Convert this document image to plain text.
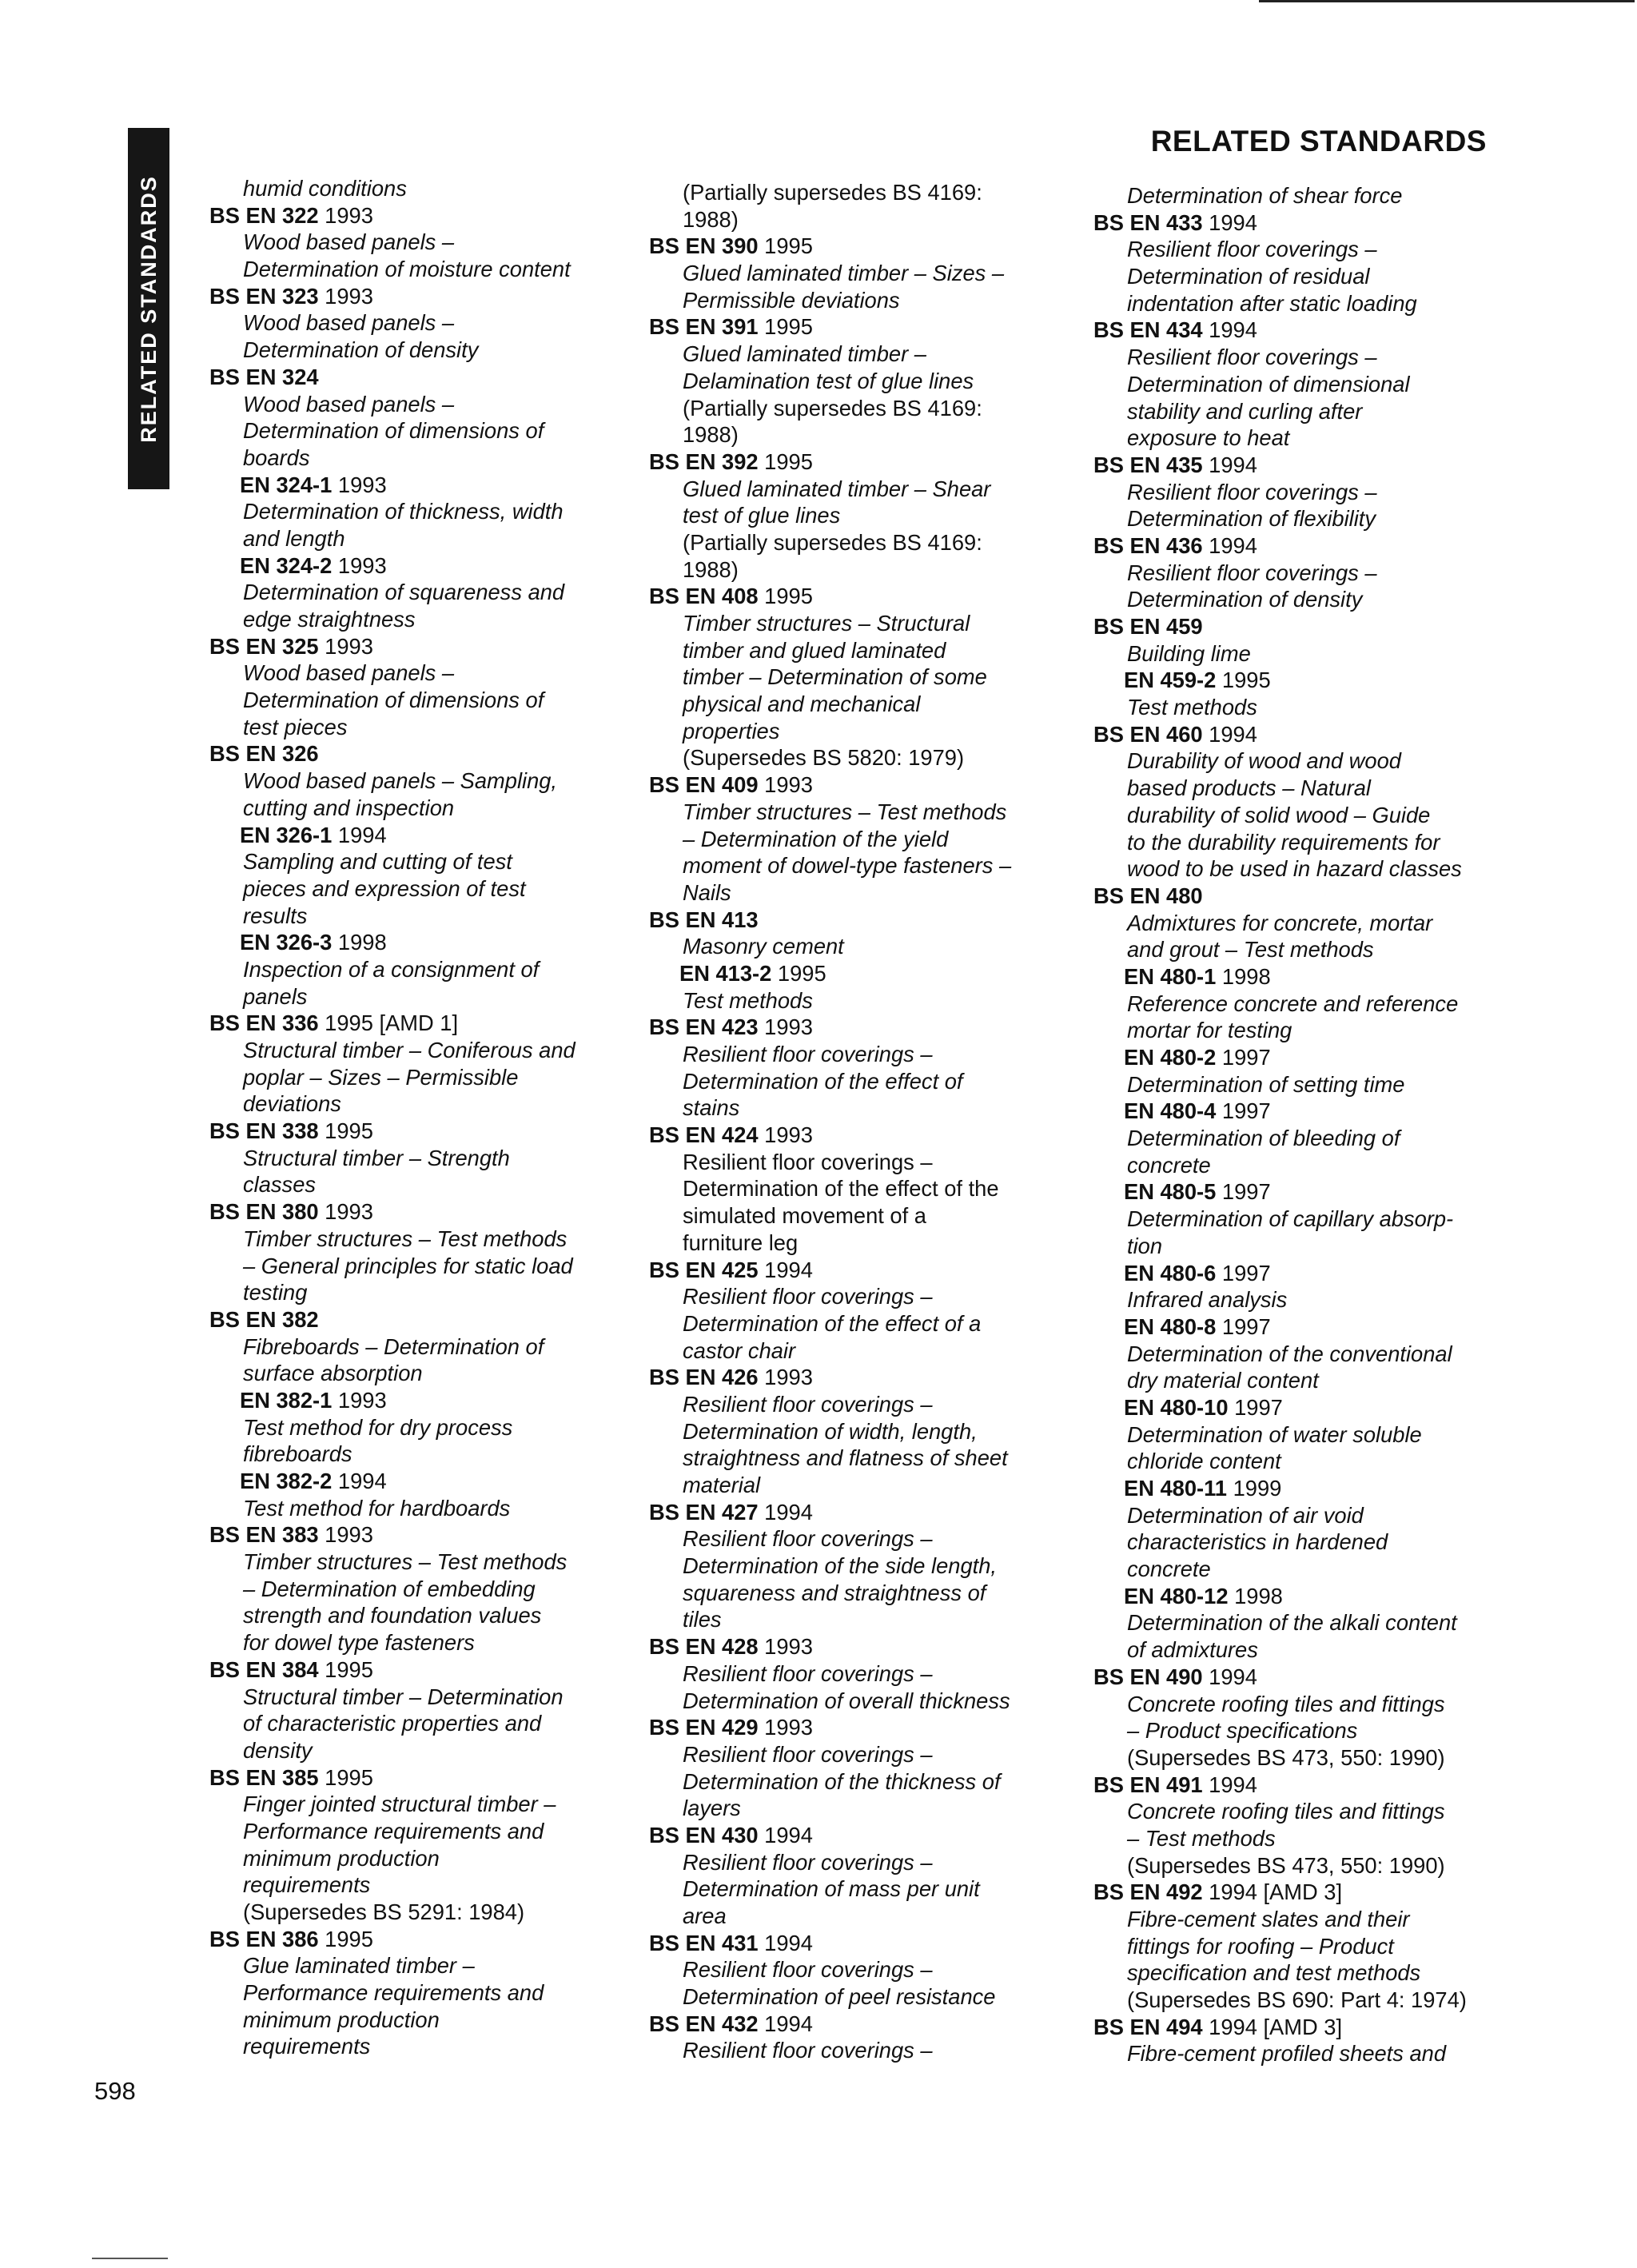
RELATED STANDARDS
RELATED STANDARDS
humid conditions
BS EN 322 1993
Wood based panels –
Determination of moisture content
BS EN 323 1993
Wood based panels –
Determination of density
BS EN 324
Wood based panels –
Determination of dimensions of
boards
EN 324-1 1993
Determination of thickness, width
and length
EN 324-2 1993
Determination of squareness and
edge straightness
BS EN 325 1993
Wood based panels –
Determination of dimensions of
test pieces
BS EN 326
Wood based panels – Sampling,
cutting and inspection
EN 326-1 1994
Sampling and cutting of test
pieces and expression of test
results
EN 326-3 1998
Inspection of a consignment of
panels
BS EN 336 1995 [AMD 1]
Structural timber – Coniferous and
poplar – Sizes – Permissible
deviations
BS EN 338 1995
Structural timber – Strength
classes
BS EN 380 1993
Timber structures – Test methods
– General principles for static load
testing
BS EN 382
Fibreboards – Determination of
surface absorption
EN 382-1 1993
Test method for dry process
fibreboards
EN 382-2 1994
Test method for hardboards
BS EN 383 1993
Timber structures – Test methods
– Determination of embedding
strength and foundation values
for dowel type fasteners
BS EN 384 1995
Structural timber – Determination
of characteristic properties and
density
BS EN 385 1995
Finger jointed structural timber –
Performance requirements and
minimum production
requirements
(Supersedes BS 5291: 1984)
BS EN 386 1995
Glue laminated timber –
Performance requirements and
minimum production
requirements
(Partially supersedes BS 4169:
1988)
BS EN 390 1995
Glued laminated timber – Sizes –
Permissible deviations
BS EN 391 1995
Glued laminated timber –
Delamination test of glue lines
(Partially supersedes BS 4169:
1988)
BS EN 392 1995
Glued laminated timber – Shear
test of glue lines
(Partially supersedes BS 4169:
1988)
BS EN 408 1995
Timber structures – Structural
timber and glued laminated
timber – Determination of some
physical and mechanical
properties
(Supersedes BS 5820: 1979)
BS EN 409 1993
Timber structures – Test methods
– Determination of the yield
moment of dowel-type fasteners –
Nails
BS EN 413
Masonry cement
EN 413-2 1995
Test methods
BS EN 423 1993
Resilient floor coverings –
Determination of the effect of
stains
BS EN 424 1993
Resilient floor coverings –
Determination of the effect of the
simulated movement of a
furniture leg
BS EN 425 1994
Resilient floor coverings –
Determination of the effect of a
castor chair
BS EN 426 1993
Resilient floor coverings –
Determination of width, length,
straightness and flatness of sheet
material
BS EN 427 1994
Resilient floor coverings –
Determination of the side length,
squareness and straightness of
tiles
BS EN 428 1993
Resilient floor coverings –
Determination of overall thickness
BS EN 429 1993
Resilient floor coverings –
Determination of the thickness of
layers
BS EN 430 1994
Resilient floor coverings –
Determination of mass per unit
area
BS EN 431 1994
Resilient floor coverings –
Determination of peel resistance
BS EN 432 1994
Resilient floor coverings –
Determination of shear force
BS EN 433 1994
Resilient floor coverings –
Determination of residual
indentation after static loading
BS EN 434 1994
Resilient floor coverings –
Determination of dimensional
stability and curling after
exposure to heat
BS EN 435 1994
Resilient floor coverings –
Determination of flexibility
BS EN 436 1994
Resilient floor coverings –
Determination of density
BS EN 459
Building lime
EN 459-2 1995
Test methods
BS EN 460 1994
Durability of wood and wood
based products – Natural
durability of solid wood – Guide
to the durability requirements for
wood to be used in hazard classes
BS EN 480
Admixtures for concrete, mortar
and grout – Test methods
EN 480-1 1998
Reference concrete and reference
mortar for testing
EN 480-2 1997
Determination of setting time
EN 480-4 1997
Determination of bleeding of
concrete
EN 480-5 1997
Determination of capillary absorp-
tion
EN 480-6 1997
Infrared analysis
EN 480-8 1997
Determination of the conventional
dry material content
EN 480-10 1997
Determination of water soluble
chloride content
EN 480-11 1999
Determination of air void
characteristics in hardened
concrete
EN 480-12 1998
Determination of the alkali content
of admixtures
BS EN 490 1994
Concrete roofing tiles and fittings
– Product specifications
(Supersedes BS 473, 550: 1990)
BS EN 491 1994
Concrete roofing tiles and fittings
– Test methods
(Supersedes BS 473, 550: 1990)
BS EN 492 1994 [AMD 3]
Fibre-cement slates and their
fittings for roofing – Product
specification and test methods
(Supersedes BS 690: Part 4: 1974)
BS EN 494 1994 [AMD 3]
Fibre-cement profiled sheets and
598
